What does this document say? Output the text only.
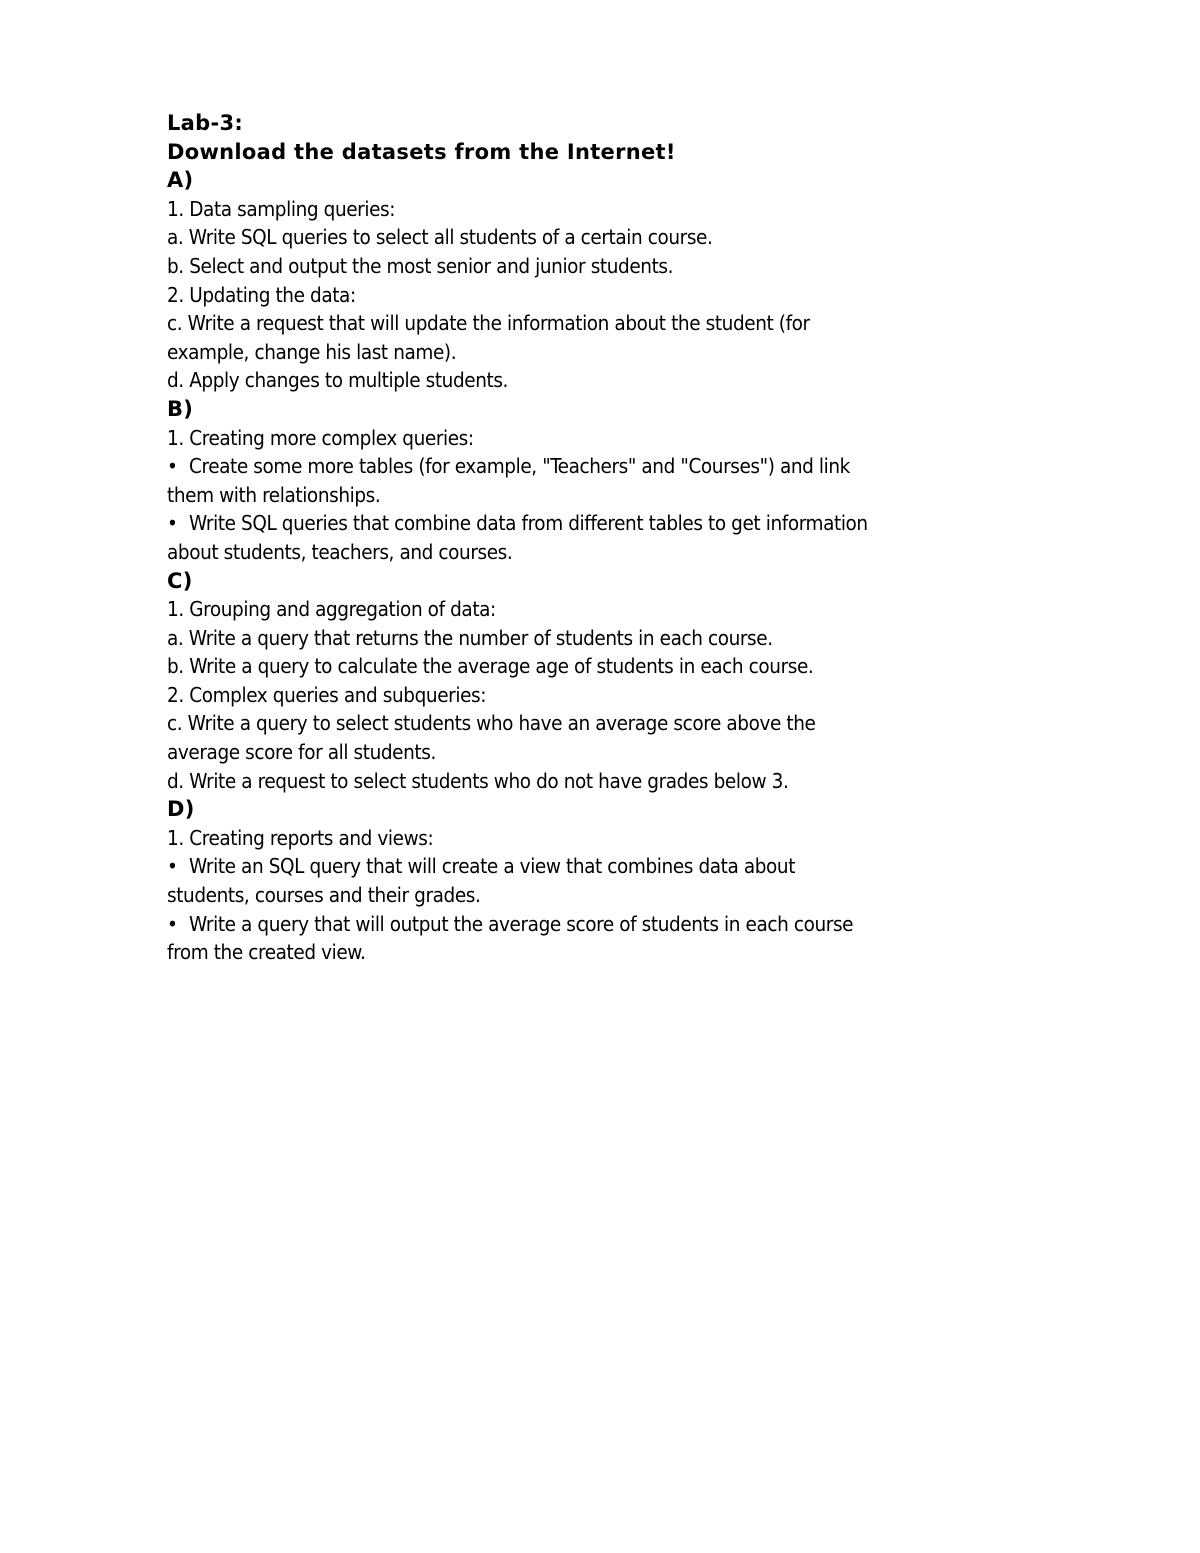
Lab-3:
Download the datasets from the Internet!
A)
1. Data sampling queries:
a. Write SQL queries to select all students of a certain course.
b. Select and output the most senior and junior students.
2. Updating the data:
c. Write a request that will update the information about the student (for
example, change his last name).
d. Apply changes to multiple students.
B)
1. Creating more complex queries:
• Create some more tables (for example, "Teachers" and "Courses") and link
them with relationships.
• Write SQL queries that combine data from different tables to get information
about students, teachers, and courses.
C)
1. Grouping and aggregation of data:
a. Write a query that returns the number of students in each course.
b. Write a query to calculate the average age of students in each course.
2. Complex queries and subqueries:
c. Write a query to select students who have an average score above the
average score for all students.
d. Write a request to select students who do not have grades below 3.
D)
1. Creating reports and views:
• Write an SQL query that will create a view that combines data about
students, courses and their grades.
• Write a query that will output the average score of students in each course
from the created view.
